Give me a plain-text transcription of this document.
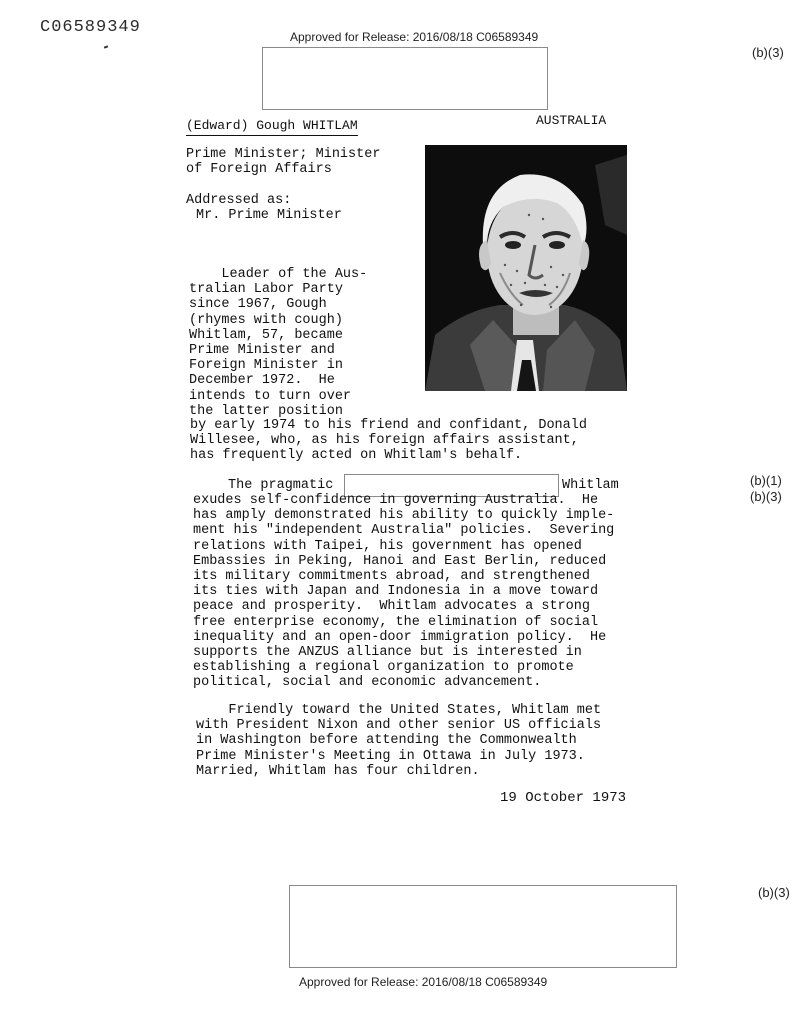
C06589349	Approved for Release: 2016/08/18 C06589349
(b)(3)
(Edward) Gough WHITLAM	AUSTRALIA
Prime Minister; Minister
of Foreign Affairs
Addressed as:
Mr. Prime Minister
Leader of the Aus-
tralian Labor Party
since 1967, Gough
(rhymes with cough)
Whitlam, 57, became
Prime Minister and
Foreign Minister in
December 1972.  He
intends to turn over
the latter position
by early 1974 to his friend and confidant, Donald
Willesee, who, as his foreign affairs assistant,
has frequently acted on Whitlam's behalf.
The pragmatic	Whitlam	(b)(1)
(b)(3)
exudes self-confidence in governing Australia.  He
has amply demonstrated his ability to quickly imple-
ment his "independent Australia" policies.  Severing
relations with Taipei, his government has opened
Embassies in Peking, Hanoi and East Berlin, reduced
its military commitments abroad, and strengthened
its ties with Japan and Indonesia in a move toward
peace and prosperity.  Whitlam advocates a strong
free enterprise economy, the elimination of social
inequality and an open-door immigration policy.  He
supports the ANZUS alliance but is interested in
establishing a regional organization to promote
political, social and economic advancement.
Friendly toward the United States, Whitlam met
with President Nixon and other senior US officials
in Washington before attending the Commonwealth
Prime Minister's Meeting in Ottawa in July 1973.
Married, Whitlam has four children.
19 October 1973
(b)(3)
Approved for Release: 2016/08/18 C06589349
